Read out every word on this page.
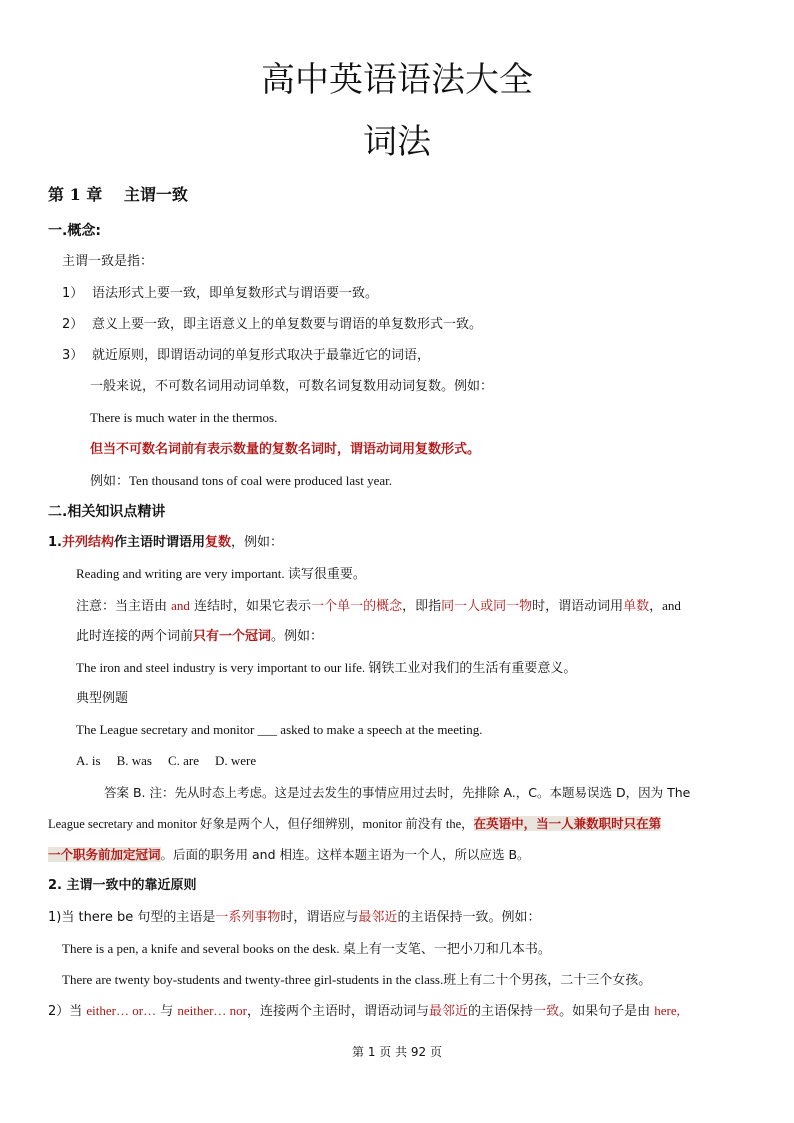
高中英语语法大全
词法
第 1 章　 主谓一致
一.概念:
主谓一致是指：
1） 语法形式上要一致，即单复数形式与谓语要一致。
2） 意义上要一致，即主语意义上的单复数要与谓语的单复数形式一致。
3） 就近原则，即谓语动词的单复形式取决于最靠近它的词语，
一般来说，不可数名词用动词单数，可数名词复数用动词复数。例如：
There is much water in the thermos.
但当不可数名词前有表示数量的复数名词时，谓语动词用复数形式。
例如：Ten thousand tons of coal were produced last year.
二.相关知识点精讲
1.并列结构作主语时谓语用复数，例如：
Reading and writing are very important. 读写很重要。
注意：当主语由 and 连结时，如果它表示一个单一的概念，即指同一人或同一物时，谓语动词用单数，and
此时连接的两个词前只有一个冠词。例如：
The iron and steel industry is very important to our life. 钢铁工业对我们的生活有重要意义。
典型例题
The League secretary and monitor ___ asked to make a speech at the meeting.
A. is B. was C. are D. were
答案 B. 注：先从时态上考虑。这是过去发生的事情应用过去时，先排除 A.，C。本题易误选 D，因为 The
League secretary and monitor 好象是两个人，但仔细辨别，monitor 前没有 the，在英语中，当一人兼数职时只在第
一个职务前加定冠词。后面的职务用 and 相连。这样本题主语为一个人，所以应选 B。
2. 主谓一致中的靠近原则
1)当 there be 句型的主语是一系列事物时，谓语应与最邻近的主语保持一致。例如：
There is a pen, a knife and several books on the desk. 桌上有一支笔、一把小刀和几本书。
There are twenty boy-students and twenty-three girl-students in the class.班上有二十个男孩，二十三个女孩。
2）当 either… or… 与 neither… nor，连接两个主语时，谓语动词与最邻近的主语保持一致。如果句子是由 here,
第 1 页 共 92 页
